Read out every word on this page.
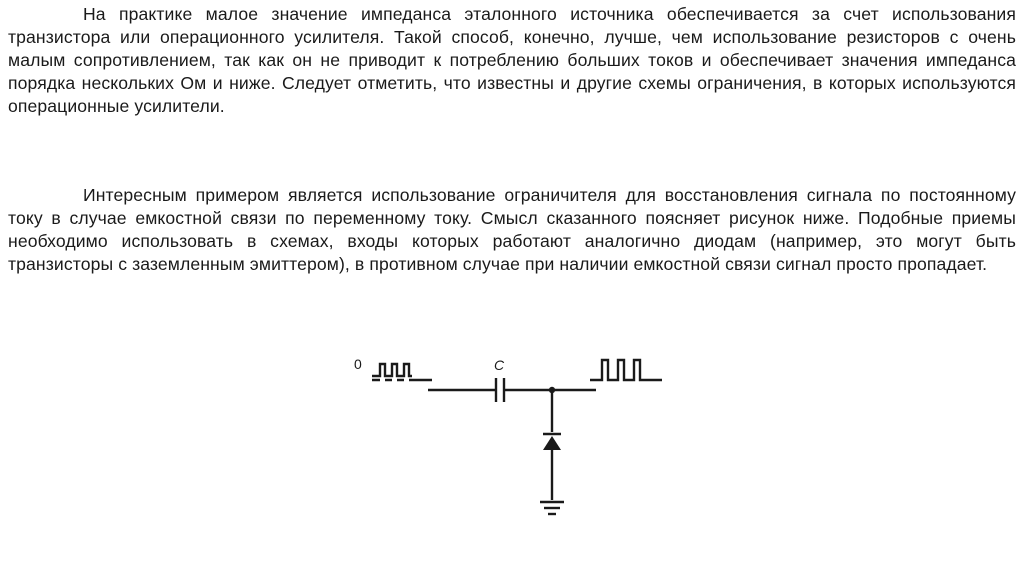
На практике малое значение импеданса эталонного источника обеспечивается за счет использования транзистора или операционного усилителя. Такой способ, конечно, лучше, чем использование резисторов с очень малым сопротивлением, так как он не приводит к потреблению больших токов и обеспечивает значения импеданса порядка нескольких Ом и ниже. Следует отметить, что известны и другие схемы ограничения, в которых используются операционные усилители.

Интересным примером является использование ограничителя для восстановления сигнала по постоянному току в случае емкостной связи по переменному току. Смысл сказанного поясняет рисунок ниже. Подобные приемы необходимо использовать в схемах, входы которых работают аналогично диодам (например, это могут быть транзисторы с заземленным эмиттером), в противном случае при наличии емкостной связи сигнал просто пропадает.

0	C
